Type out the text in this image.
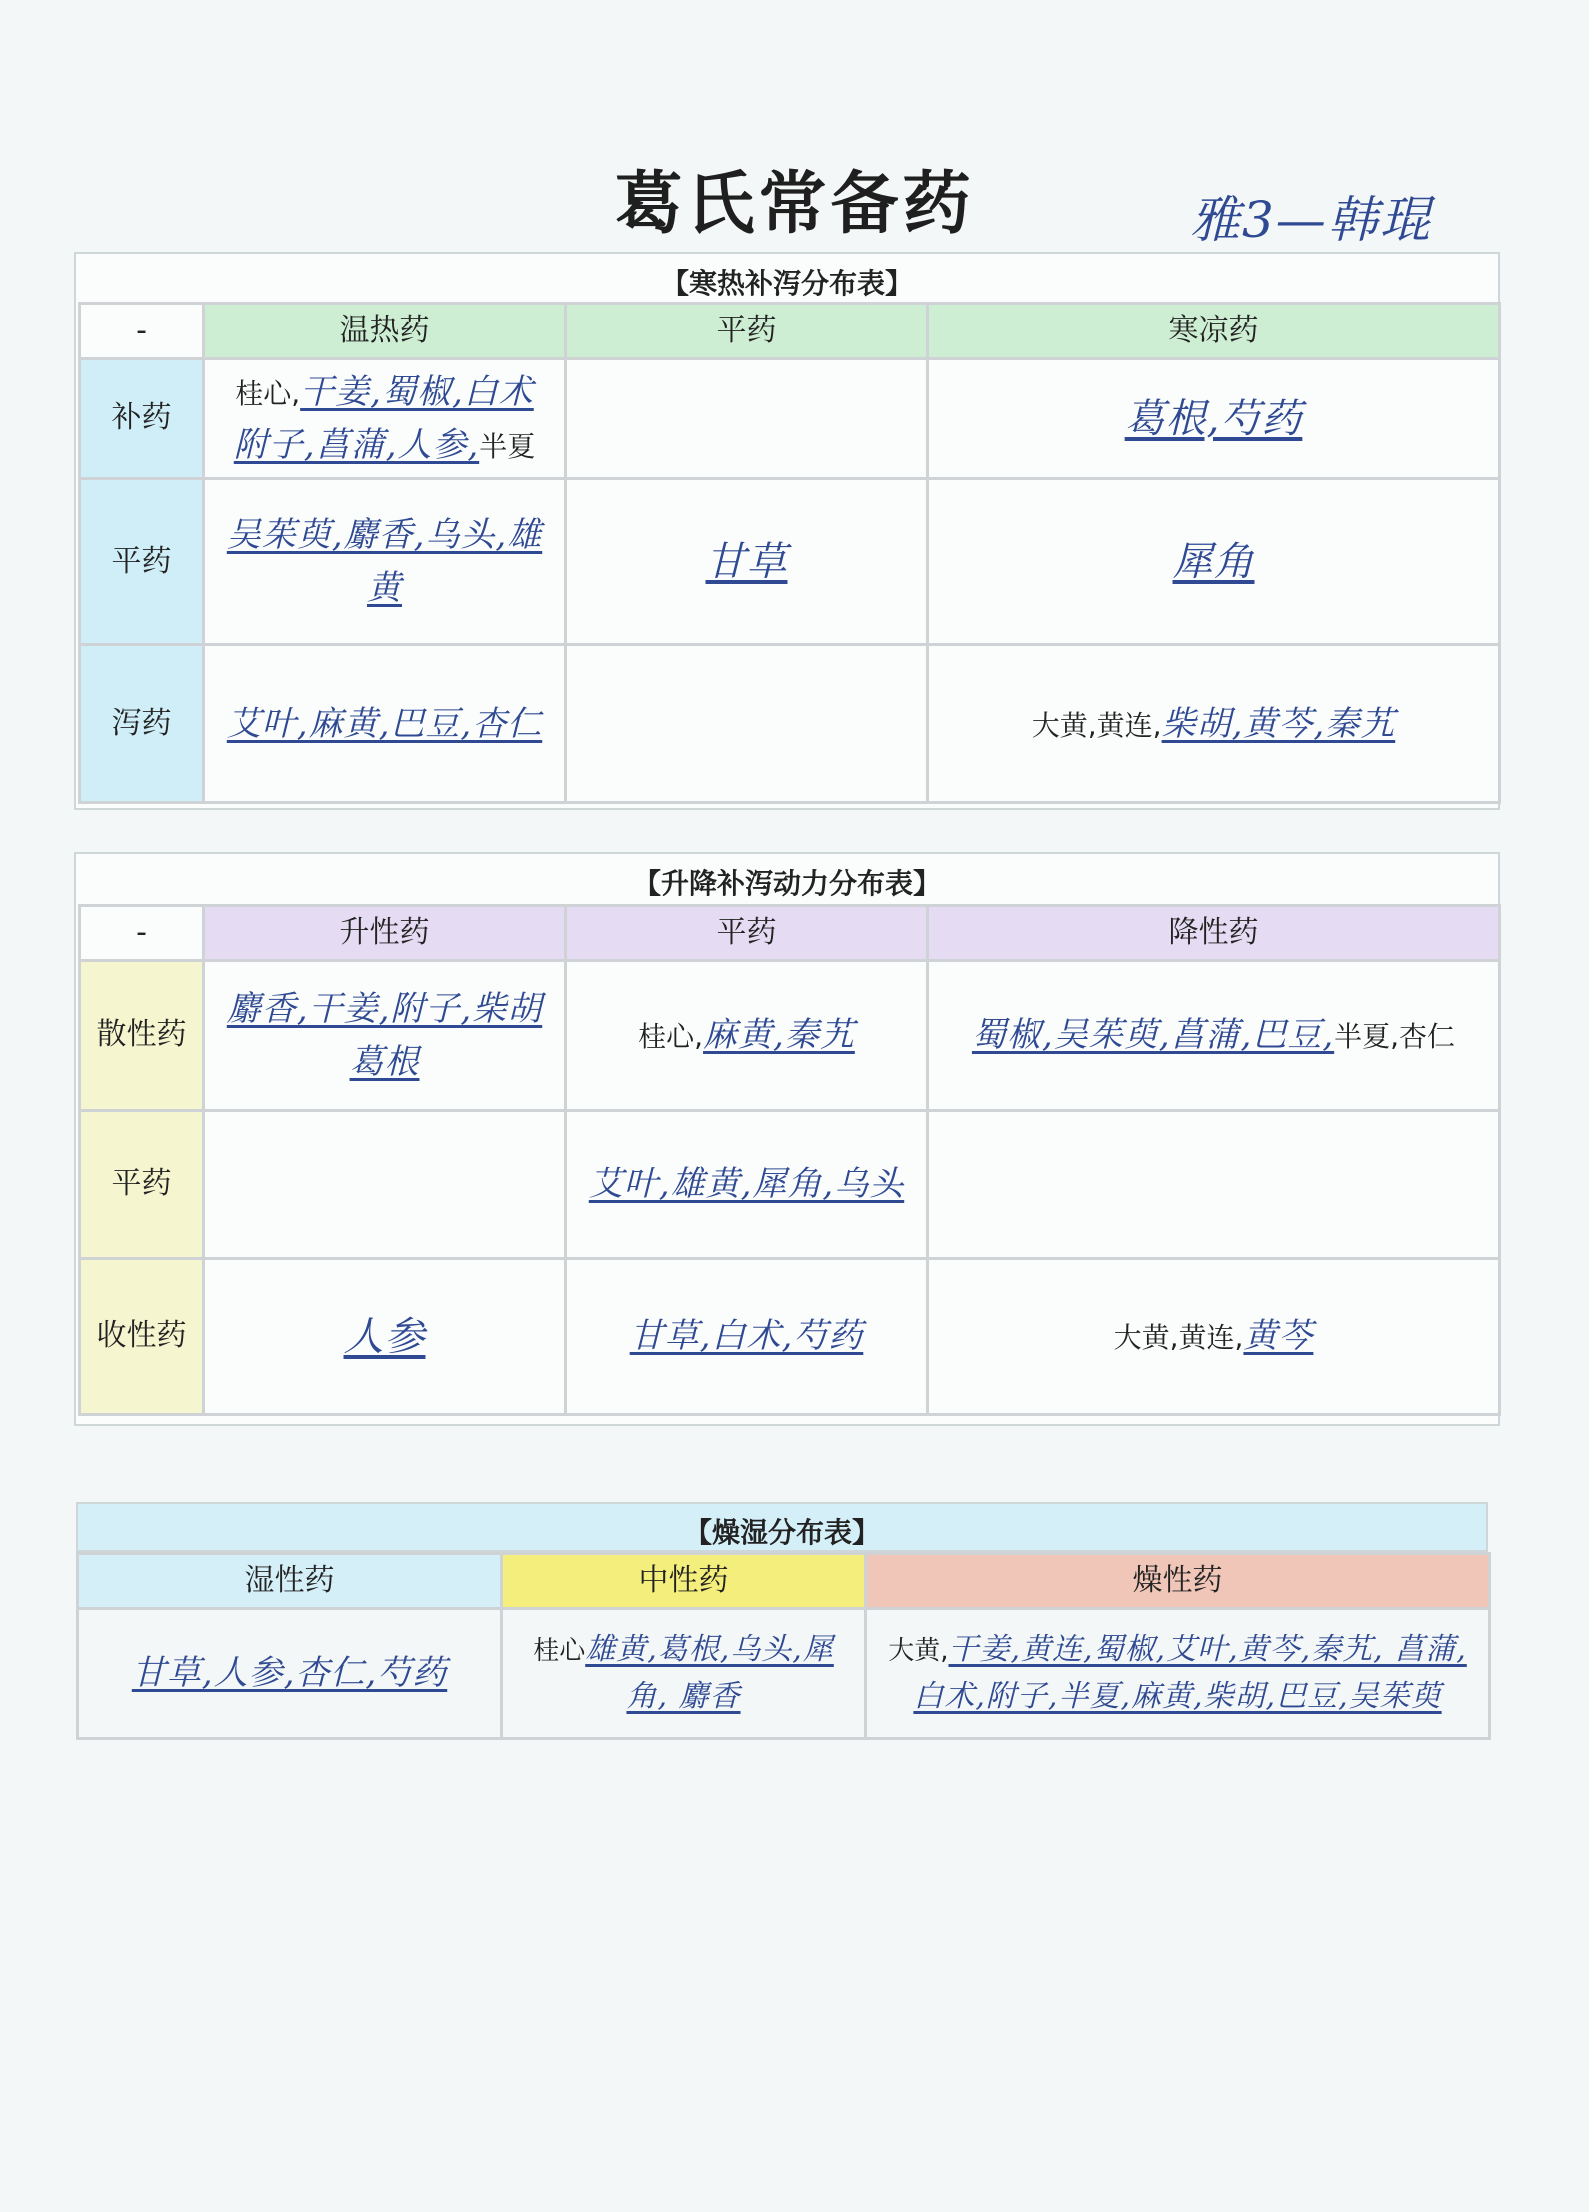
葛氏常备药	雅3—韩琨
【寒热补泻分布表】
-	温热药	平药	寒凉药
补药	桂心,干姜,蜀椒,白术 附子,菖蒲,人参,半夏		葛根,芍药
平药	吴茱萸,麝香,乌头,雄黄	甘草	犀角
泻药	艾叶,麻黄,巴豆,杏仁		大黄,黄连,柴胡,黄芩,秦艽
【升降补泻动力分布表】
-	升性药	平药	降性药
散性药	麝香,干姜,附子,柴胡 葛根	桂心,麻黄,秦艽	蜀椒,吴茱萸,菖蒲,巴豆,半夏,杏仁
平药		艾叶,雄黄,犀角,乌头	
收性药	人参	甘草,白术,芍药	大黄,黄连,黄芩
【燥湿分布表】
湿性药	中性药	燥性药
甘草,人参,杏仁,芍药	桂心雄黄,葛根,乌头,犀角, 麝香	大黄,干姜,黄连,蜀椒,艾叶,黄芩,秦艽, 菖蒲,白术,附子,半夏,麻黄,柴胡,巴豆,吴茱萸
